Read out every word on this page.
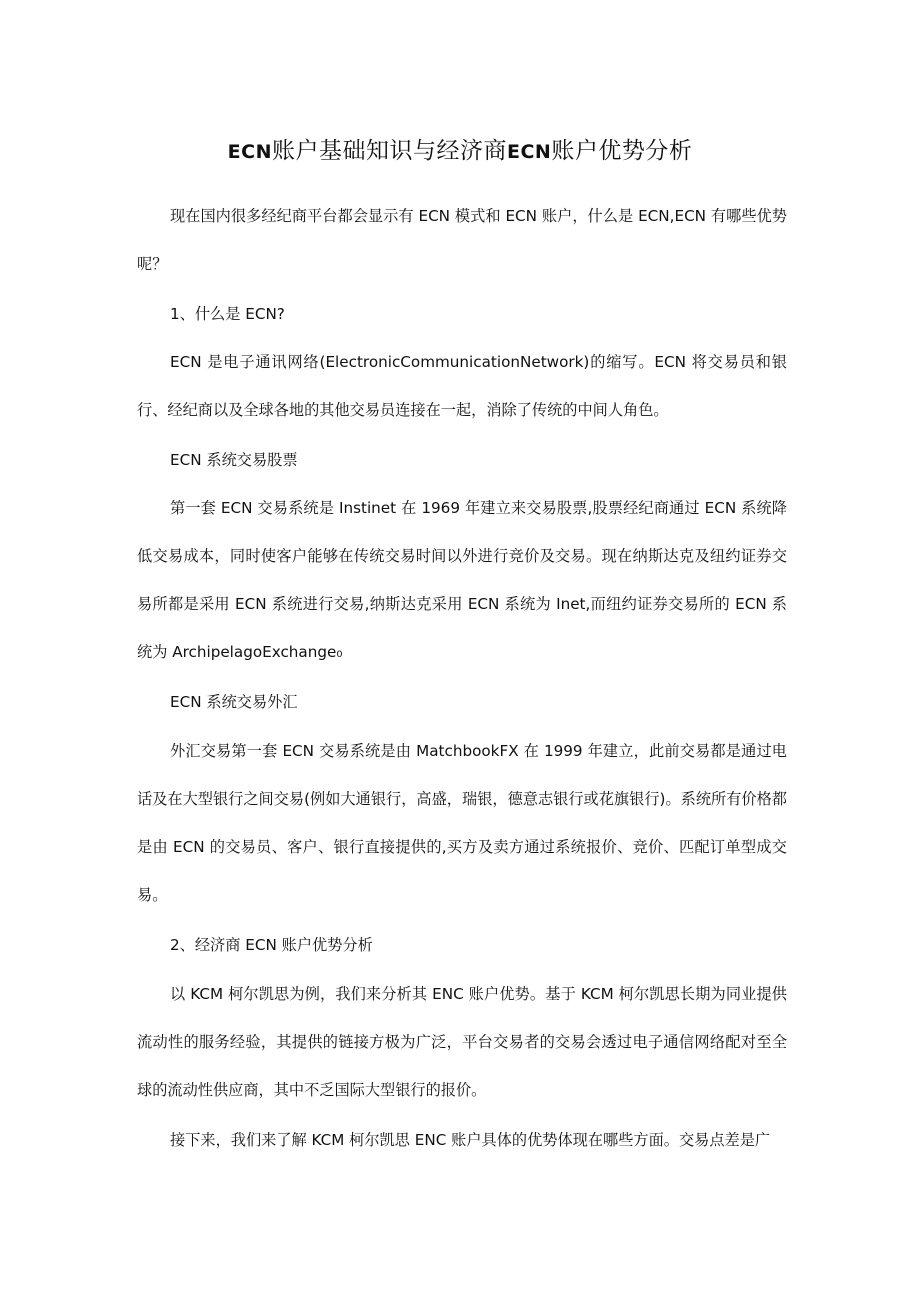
ECN账户基础知识与经济商ECN账户优势分析

现在国内很多经纪商平台都会显示有 ECN 模式和 ECN 账户，什么是 ECN,ECN 有哪些优势呢？

1、什么是 ECN?

ECN 是电子通讯网络(ElectronicCommunicationNetwork)的缩写。ECN 将交易员和银行、经纪商以及全球各地的其他交易员连接在一起，消除了传统的中间人角色。

ECN 系统交易股票

第一套 ECN 交易系统是 Instinet 在 1969 年建立来交易股票,股票经纪商通过 ECN 系统降低交易成本，同时使客户能够在传统交易时间以外进行竞价及交易。现在纳斯达克及纽约证券交易所都是采用 ECN 系统进行交易,纳斯达克采用 ECN 系统为 Inet,而纽约证券交易所的 ECN 系统为 ArchipelagoExchange₀

ECN 系统交易外汇

外汇交易第一套 ECN 交易系统是由 MatchbookFX 在 1999 年建立，此前交易都是通过电话及在大型银行之间交易(例如大通银行，高盛，瑞银，德意志银行或花旗银行)。系统所有价格都是由 ECN 的交易员、客户、银行直接提供的,买方及卖方通过系统报价、竞价、匹配订单型成交易。

2、经济商 ECN 账户优势分析

以 KCM 柯尔凯思为例，我们来分析其 ENC 账户优势。基于 KCM 柯尔凯思长期为同业提供流动性的服务经验，其提供的链接方极为广泛，平台交易者的交易会透过电子通信网络配对至全球的流动性供应商，其中不乏国际大型银行的报价。

接下来，我们来了解 KCM 柯尔凯思 ENC 账户具体的优势体现在哪些方面。交易点差是广
